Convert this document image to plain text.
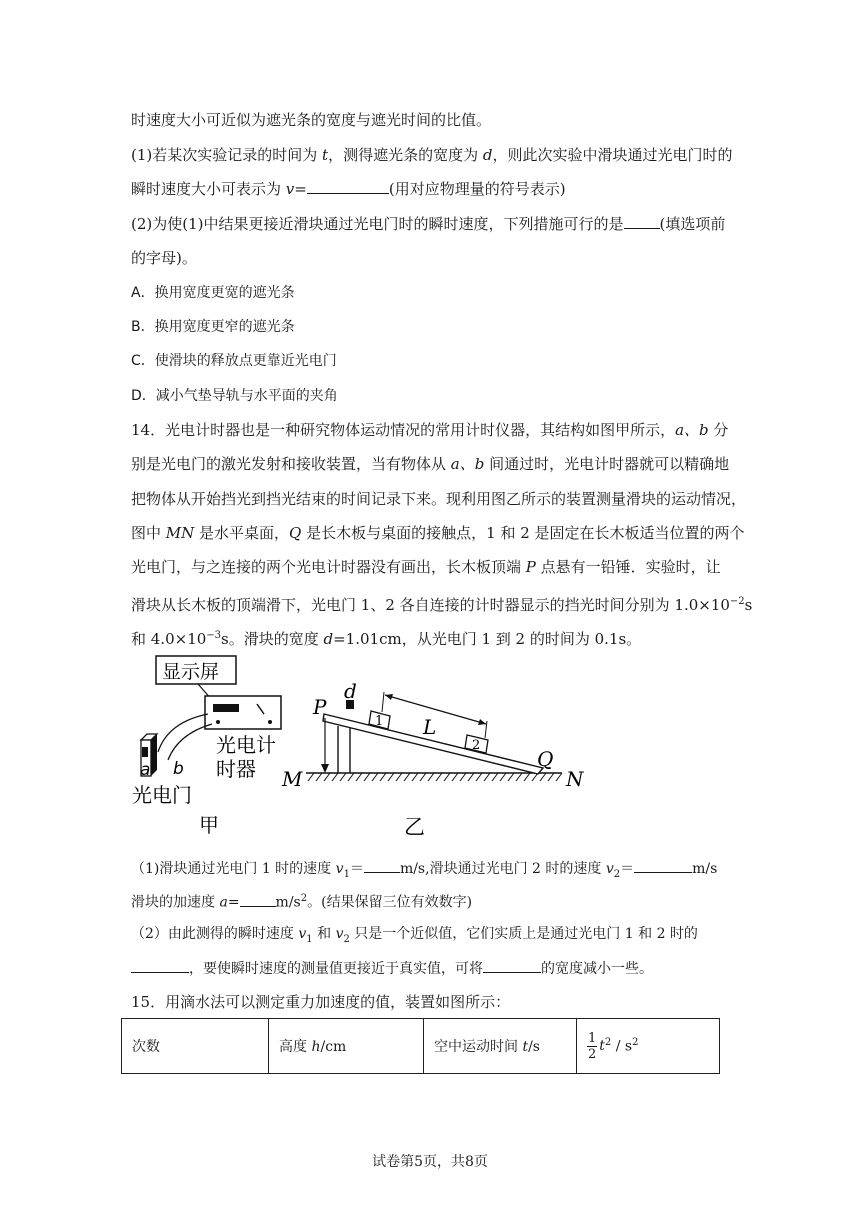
时速度大小可近似为遮光条的宽度与遮光时间的比值。
(1)若某次实验记录的时间为 t，测得遮光条的宽度为 d，则此次实验中滑块通过光电门时的
瞬时速度大小可表示为 v=	(用对应物理量的符号表示)
(2)为使(1)中结果更接近滑块通过光电门时的瞬时速度，下列措施可行的是 (填选项前
的字母)。
A．换用宽度更宽的遮光条
B．换用宽度更窄的遮光条
C．使滑块的释放点更靠近光电门
D．减小气垫导轨与水平面的夹角
14．光电计时器也是一种研究物体运动情况的常用计时仪器，其结构如图甲所示，a、b 分
别是光电门的激光发射和接收装置，当有物体从 a、b 间通过时，光电计时器就可以精确地
把物体从开始挡光到挡光结束的时间记录下来。现利用图乙所示的装置测量滑块的运动情况，
图中 MN 是水平桌面，Q 是长木板与桌面的接触点，1 和 2 是固定在长木板适当位置的两个
光电门，与之连接的两个光电计时器没有画出，长木板顶端 P 点悬有一铅锤．实验时，让
滑块从长木板的顶端滑下，光电门 1、2 各自连接的计时器显示的挡光时间分别为 $1.0\times 10^{-2}s$
和 $4.0\times 10^{-3}s$。滑块的宽度 d=1.01cm，从光电门 1 到 2 的时间为 0.1s。
显示屏
光电计
时器
a b
光电门
甲
1
2
L
P
d
M
Q
N
乙
（1)滑块通过光电门 1 时的速度 $v_1=$	m/s,滑块通过光电门 2 时的速度 $v_2=$	m/s
滑块的加速度 a=	$m/s^2$。(结果保留三位有效数字)
（2）由此测得的瞬时速度 $v_1$ 和 $v_2$ 只是一个近似值，它们实质上是通过光电门 1 和 2 时的
，要使瞬时速度的测量值更接近于真实值，可将	的宽度减小一些。
15．用滴水法可以测定重力加速度的值，装置如图所示：
次数	高度 h/cm	空中运动时间 t/s	$\frac{1}{2} t^2 / s^2$
试卷第5页，共8页
